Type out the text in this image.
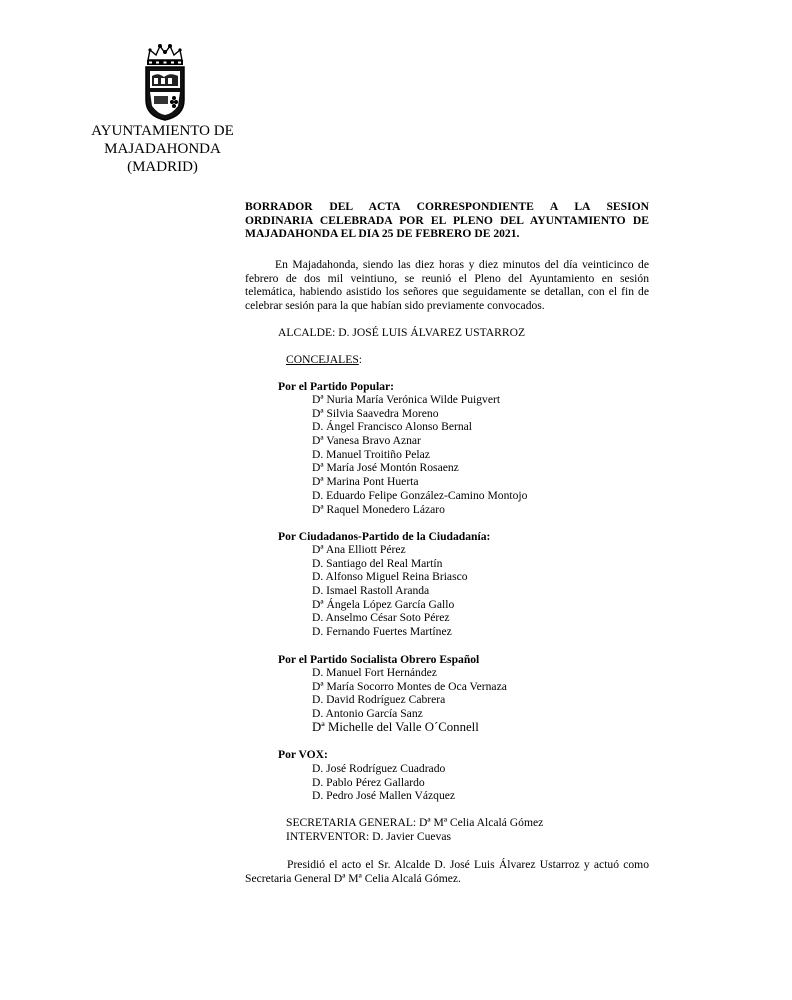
AYUNTAMIENTO DE
MAJADAHONDA
(MADRID)

BORRADOR DEL ACTA CORRESPONDIENTE A LA SESION
ORDINARIA CELEBRADA POR EL PLENO DEL AYUNTAMIENTO DE
MAJADAHONDA EL DIA 25 DE FEBRERO DE 2021.

En Majadahonda, siendo las diez horas y diez minutos del día veinticinco de
febrero de dos mil veintiuno, se reunió el Pleno del Ayuntamiento en sesión
telemática, habiendo asistido los señores que seguidamente se detallan, con el fin de
celebrar sesión para la que habían sido previamente convocados.

ALCALDE: D. JOSÉ LUIS ÁLVAREZ USTARROZ
CONCEJALES:
Por el Partido Popular:
Dª Nuria María Verónica Wilde Puigvert
Dª Silvia Saavedra Moreno
D. Ángel Francisco Alonso Bernal
Dª Vanesa Bravo Aznar
D. Manuel Troitiño Pelaz
Dª María José Montón Rosaenz
Dª Marina Pont Huerta
D. Eduardo Felipe González-Camino Montojo
Dª Raquel Monedero Lázaro
Por Ciudadanos-Partido de la Ciudadanía:
Dª Ana Elliott Pérez
D. Santiago del Real Martín
D. Alfonso Miguel Reina Briasco
D. Ismael Rastoll Aranda
Dª Ángela López García Gallo
D. Anselmo César Soto Pérez
D. Fernando Fuertes Martínez
Por el Partido Socialista Obrero Español
D. Manuel Fort Hernández
Dª María Socorro Montes de Oca Vernaza
D. David Rodríguez Cabrera
D. Antonio García Sanz
Dª Michelle del Valle O´Connell
Por VOX:
D. José Rodríguez Cuadrado
D. Pablo Pérez Gallardo
D. Pedro José Mallen Vázquez
SECRETARIA GENERAL: Dª Mª Celia Alcalá Gómez
INTERVENTOR: D. Javier Cuevas

Presidió el acto el Sr. Alcalde D. José Luis Álvarez Ustarroz y actuó como
Secretaria General Dª Mª Celia Alcalá Gómez.
